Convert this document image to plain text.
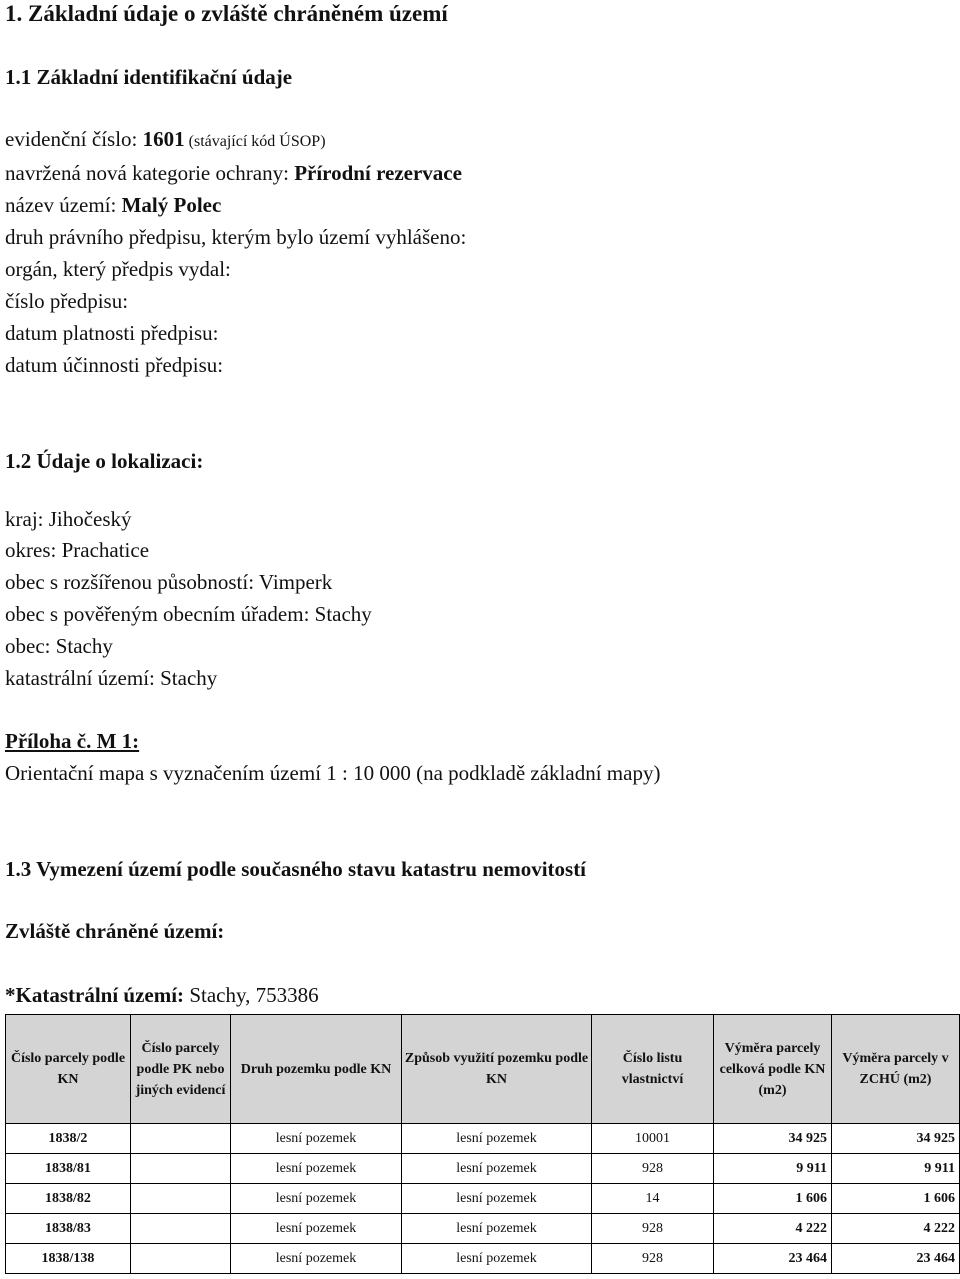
1. Základní údaje o zvláště chráněném území
1.1 Základní identifikační údaje
evidenční číslo: 1601 (stávající kód ÚSOP)
navržená nová kategorie ochrany: Přírodní rezervace
název území: Malý Polec
druh právního předpisu, kterým bylo území vyhlášeno:
orgán, který předpis vydal:
číslo předpisu:
datum platnosti předpisu:
datum účinnosti předpisu:
1.2 Údaje o lokalizaci:
kraj: Jihočeský
okres: Prachatice
obec s rozšířenou působností: Vimperk
obec s pověřeným obecním úřadem: Stachy
obec: Stachy
katastrální území: Stachy
Příloha č. M 1:
Orientační mapa s vyznačením území 1 : 10 000 (na podkladě základní mapy)
1.3 Vymezení území podle současného stavu katastru nemovitostí
Zvláště chráněné území:
*Katastrální území: Stachy, 753386
Číslo parcely podle KN	Číslo parcely podle PK nebo jiných evidencí	Druh pozemku podle KN	Způsob využití pozemku podle KN	Číslo listu vlastnictví	Výměra parcely celková podle KN (m2)	Výměra parcely v ZCHÚ (m2)
1838/2		lesní pozemek	lesní pozemek	10001	34 925	34 925
1838/81		lesní pozemek	lesní pozemek	928	9 911	9 911
1838/82		lesní pozemek	lesní pozemek	14	1 606	1 606
1838/83		lesní pozemek	lesní pozemek	928	4 222	4 222
1838/138		lesní pozemek	lesní pozemek	928	23 464	23 464
